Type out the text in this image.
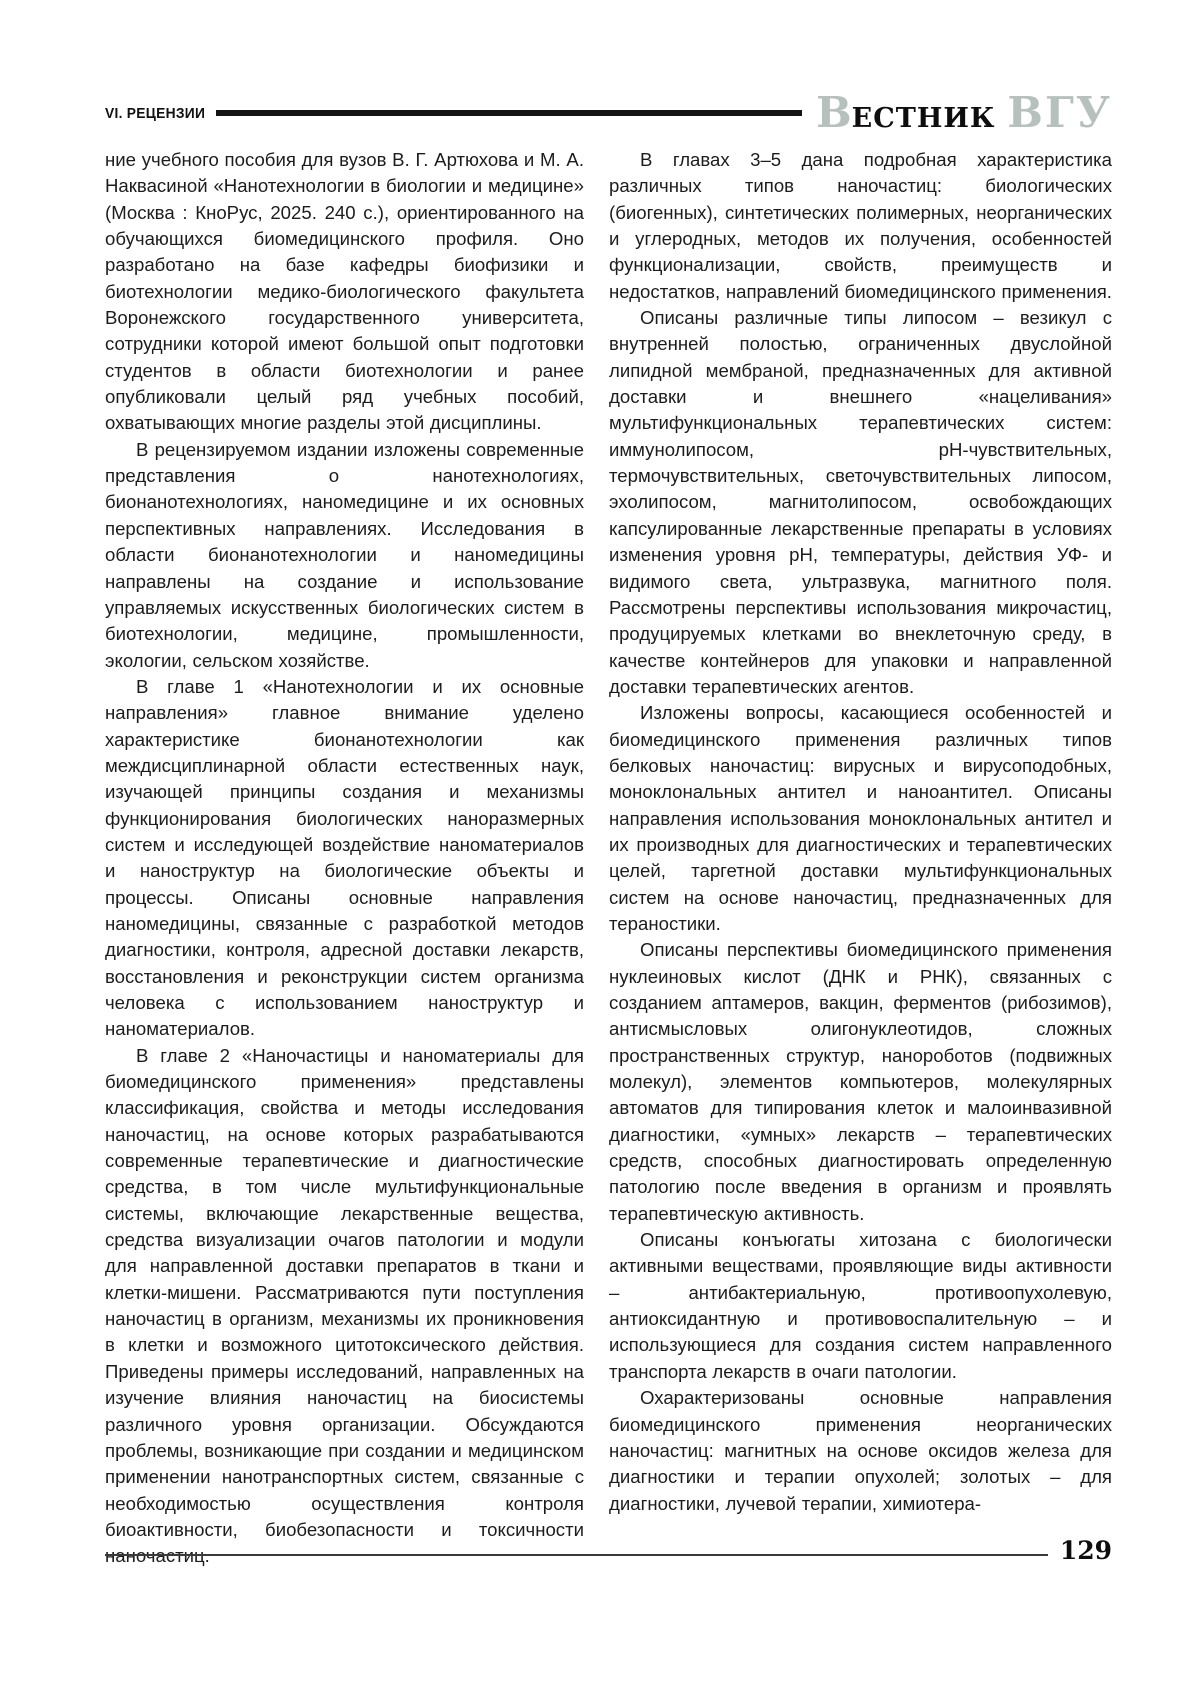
VI. РЕЦЕНЗИИ	В ЕСТНИК ВГУ

ние учебного пособия для вузов В. Г. Артюхова и М. А. Наквасиной «Нанотехнологии в биологии и медицине» (Москва : КноРус, 2025. 240 с.), ориентированного на обучающихся биомедицинского профиля. Оно разработано на базе кафедры биофизики и биотехнологии медико-биологического факультета Воронежского государственного университета, сотрудники которой имеют большой опыт подготовки студентов в области биотехнологии и ранее опубликовали целый ряд учебных пособий, охватывающих многие разделы этой дисциплины.

В рецензируемом издании изложены современные представления о нанотехнологиях, бионанотехнологиях, наномедицине и их основных перспективных направлениях. Исследования в области бионанотехнологии и наномедицины направлены на создание и использование управляемых искусственных биологических систем в биотехнологии, медицине, промышленности, экологии, сельском хозяйстве.

В главе 1 «Нанотехнологии и их основные направления» главное внимание уделено характеристике бионанотехнологии как междисциплинарной области естественных наук, изучающей принципы создания и механизмы функционирования биологических наноразмерных систем и исследующей воздействие наноматериалов и наноструктур на биологические объекты и процессы. Описаны основные направления наномедицины, связанные с разработкой методов диагностики, контроля, адресной доставки лекарств, восстановления и реконструкции систем организма человека с использованием наноструктур и наноматериалов.

В главе 2 «Наночастицы и наноматериалы для биомедицинского применения» представлены классификация, свойства и методы исследования наночастиц, на основе которых разрабатываются современные терапевтические и диагностические средства, в том числе мультифункциональные системы, включающие лекарственные вещества, средства визуализации очагов патологии и модули для направленной доставки препаратов в ткани и клетки-мишени. Рассматриваются пути поступления наночастиц в организм, механизмы их проникновения в клетки и возможного цитотоксического действия. Приведены примеры исследований, направленных на изучение влияния наночастиц на биосистемы различного уровня организации. Обсуждаются проблемы, возникающие при создании и медицинском применении нанотранспортных систем, связанные с необходимостью осуществления контроля биоактивности, биобезопасности и токсичности наночастиц.

В главах 3–5 дана подробная характеристика различных типов наночастиц: биологических (биогенных), синтетических полимерных, неорганических и углеродных, методов их получения, особенностей функционализации, свойств, преимуществ и недостатков, направлений биомедицинского применения.

Описаны различные типы липосом – везикул с внутренней полостью, ограниченных двуслойной липидной мембраной, предназначенных для активной доставки и внешнего «нацеливания» мультифункциональных терапевтических систем: иммунолипосом, pH-чувствительных, термочувствительных, светочувствительных липосом, эхолипосом, магнитолипосом, освобождающих капсулированные лекарственные препараты в условиях изменения уровня pH, температуры, действия УФ- и видимого света, ультразвука, магнитного поля. Рассмотрены перспективы использования микрочастиц, продуцируемых клетками во внеклеточную среду, в качестве контейнеров для упаковки и направленной доставки терапевтических агентов.

Изложены вопросы, касающиеся особенностей и биомедицинского применения различных типов белковых наночастиц: вирусных и вирусоподобных, моноклональных антител и наноантител. Описаны направления использования моноклональных антител и их производных для диагностических и терапевтических целей, таргетной доставки мультифункциональных систем на основе наночастиц, предназначенных для тераностики.

Описаны перспективы биомедицинского применения нуклеиновых кислот (ДНК и РНК), связанных с созданием аптамеров, вакцин, ферментов (рибозимов), антисмысловых олигонуклеотидов, сложных пространственных структур, нанороботов (подвижных молекул), элементов компьютеров, молекулярных автоматов для типирования клеток и малоинвазивной диагностики, «умных» лекарств – терапевтических средств, способных диагностировать определенную патологию после введения в организм и проявлять терапевтическую активность.

Описаны конъюгаты хитозана с биологически активными веществами, проявляющие виды активности – антибактериальную, противоопухолевую, антиоксидантную и противовоспалительную – и использующиеся для создания систем направленного транспорта лекарств в очаги патологии.

Охарактеризованы основные направления биомедицинского применения неорганических наночастиц: магнитных на основе оксидов железа для диагностики и терапии опухолей; золотых – для диагностики, лучевой терапии, химиотера-

129
